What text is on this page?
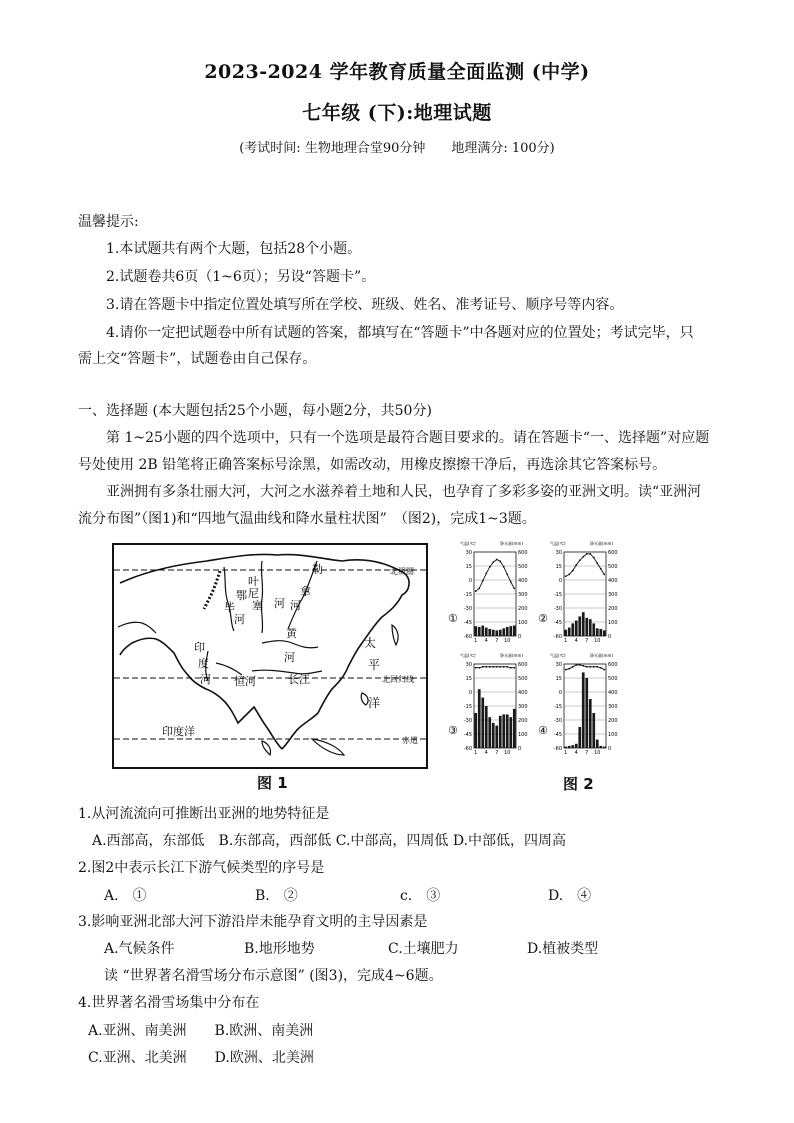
2023-2024 学年教育质量全面监测 (中学)
七年级 (下):地理试题
(考试时间: 生物地理合堂90分钟　　地理满分: 100分)
温馨提示:
1.本试题共有两个大题，包括28个小题。
2.试题卷共6页（1~6页）；另设“答题卡”。
3.请在答题卡中指定位置处填写所在学校、班级、姓名、准考证号、顺序号等内容。
4.请你一定把试题卷中所有试题的答案，都填写在“答题卡”中各题对应的位置处；考试完毕，只
需上交“答题卡”，试题卷由自己保存。
一、选择题 (本大题包括25个小题，每小题2分，共50分)
第 1~25小题的四个选项中，只有一个选项是最符合题目要求的。请在答题卡“一、选择题”对应题
号处使用 2B 铅笔将正确答案标号涂黑，如需改动，用橡皮擦擦干净后，再选涂其它答案标号。
亚洲拥有多条壮丽大河，大河之水滋养着土地和人民，也孕育了多彩多姿的亚洲文明。读“亚洲河
流分布图”（图1)和“四地气温曲线和降水量柱状图”　（图2)，完成1~3题。
北极圈
北回归线
赤道
印度洋
太
平
洋
鄂
毕
河
叶
尼
塞 河
勒
拿
河
恒河
印
度
河
黄
河
长江
图 1
气温(℃)	降水量(mm)
30	600
15	500
0	400
-15	300
-30	200
-45	100
-60	0
1 4 7 10
①
气温(℃)	降水量(mm)
30	600
15	500
0	400
-15	300
-30	200
-45	100
-60	0
1 4 7 10
②
气温(℃)	降水量(mm)
30	600
15	500
0	400
-15	300
-30	200
-45	100
-60	0
1 4 7 10
③
气温(℃)	降水量(mm)
30	600
15	500
0	400
-15	300
-30	200
-45	100
-60	0
1 4 7 10
④
图 2
1.从河流流向可推断出亚洲的地势特征是
A.西部高，东部低　B.东部高，西部低 C.中部高，四周低 D.中部低，四周高
2.图2中表示长江下游气候类型的序号是
A.　①	B.　②	c.　③	D.　④
3.影响亚洲北部大河下游沿岸未能孕育文明的主导因素是
A.气候条件	B.地形地势	C.土壤肥力	D.植被类型
读 “世界著名滑雪场分布示意图” (图3)，完成4~6题。
4.世界著名滑雪场集中分布在
A.亚洲、南美洲　　B.欧洲、南美洲
C.亚洲、北美洲　　D.欧洲、北美洲
